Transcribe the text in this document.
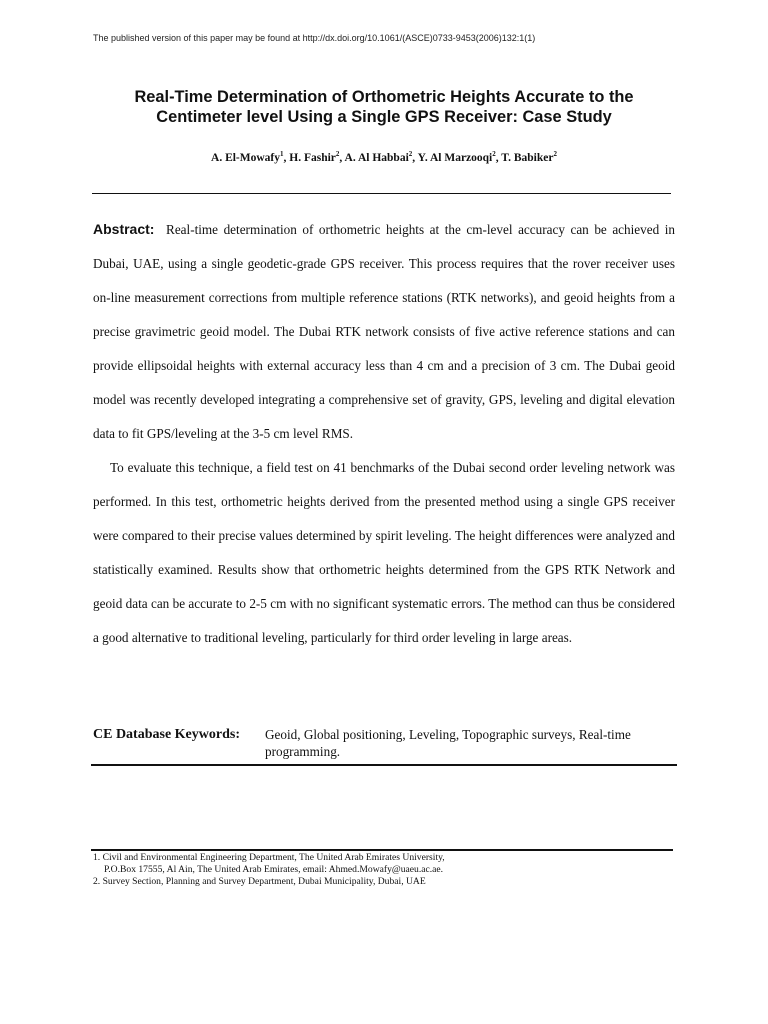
The published version of this paper may be found at http://dx.doi.org/10.1061/(ASCE)0733-9453(2006)132:1(1)
Real-Time Determination of Orthometric Heights Accurate to the
Centimeter level Using a Single GPS Receiver: Case Study
A. El-Mowafy$^1$, H. Fashir$^2$, A. Al Habbai$^2$, Y. Al Marzooqi$^2$, T. Babiker$^2$

Abstract: Real-time determination of orthometric heights at the cm-level accuracy can be achieved in Dubai, UAE, using a single geodetic-grade GPS receiver. This process requires that the rover receiver uses on-line measurement corrections from multiple reference stations (RTK networks), and geoid heights from a precise gravimetric geoid model. The Dubai RTK network consists of five active reference stations and can provide ellipsoidal heights with external accuracy less than 4 cm and a precision of 3 cm. The Dubai geoid model was recently developed integrating a comprehensive set of gravity, GPS, leveling and digital elevation data to fit GPS/leveling at the 3-5 cm level RMS.

To evaluate this technique, a field test on 41 benchmarks of the Dubai second order leveling network was performed. In this test, orthometric heights derived from the presented method using a single GPS receiver were compared to their precise values determined by spirit leveling. The height differences were analyzed and statistically examined. Results show that orthometric heights determined from the GPS RTK Network and geoid data can be accurate to 2-5 cm with no significant systematic errors. The method can thus be considered a good alternative to traditional leveling, particularly for third order leveling in large areas.

CE Database Keywords: Geoid, Global positioning, Leveling, Topographic surveys, Real-time programming.
1. Civil and Environmental Engineering Department, The United Arab Emirates University,
P.O.Box 17555, Al Ain, The United Arab Emirates, email: Ahmed.Mowafy@uaeu.ac.ae.
2. Survey Section, Planning and Survey Department, Dubai Municipality, Dubai, UAE
